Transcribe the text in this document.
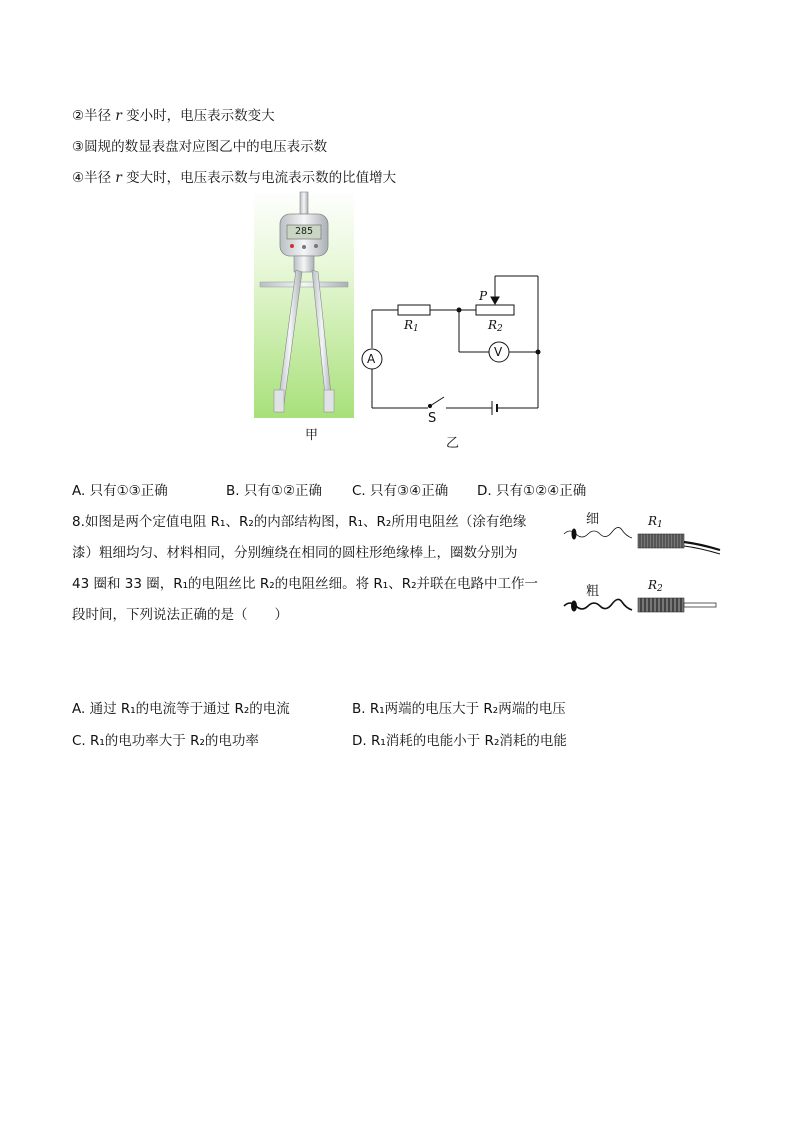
②半径 r 变小时，电压表示数变大
③圆规的数显表盘对应图乙中的电压表示数
④半径 r 变大时，电压表示数与电流表示数的比值增大
285
甲
A	V
P
$R_1$	$R_2$
S
乙
A. 只有①③正确	B. 只有①②正确 C. 只有③④正确 D. 只有①②④正确
8.如图是两个定值电阻 R₁、R₂的内部结构图，R₁、R₂所用电阻丝（涂有绝缘
漆）粗细均匀、材料相同，分别缠绕在相同的圆柱形绝缘棒上，圈数分别为
43 圈和 33 圈，R₁的电阻丝比 R₂的电阻丝细。将 R₁、R₂并联在电路中工作一
段时间，下列说法正确的是（　　）
细
粗
$R_1$
$R_2$
A. 通过 R₁的电流等于通过 R₂的电流	B. R₁两端的电压大于 R₂两端的电压
C. R₁的电功率大于 R₂的电功率	D. R₁消耗的电能小于 R₂消耗的电能
